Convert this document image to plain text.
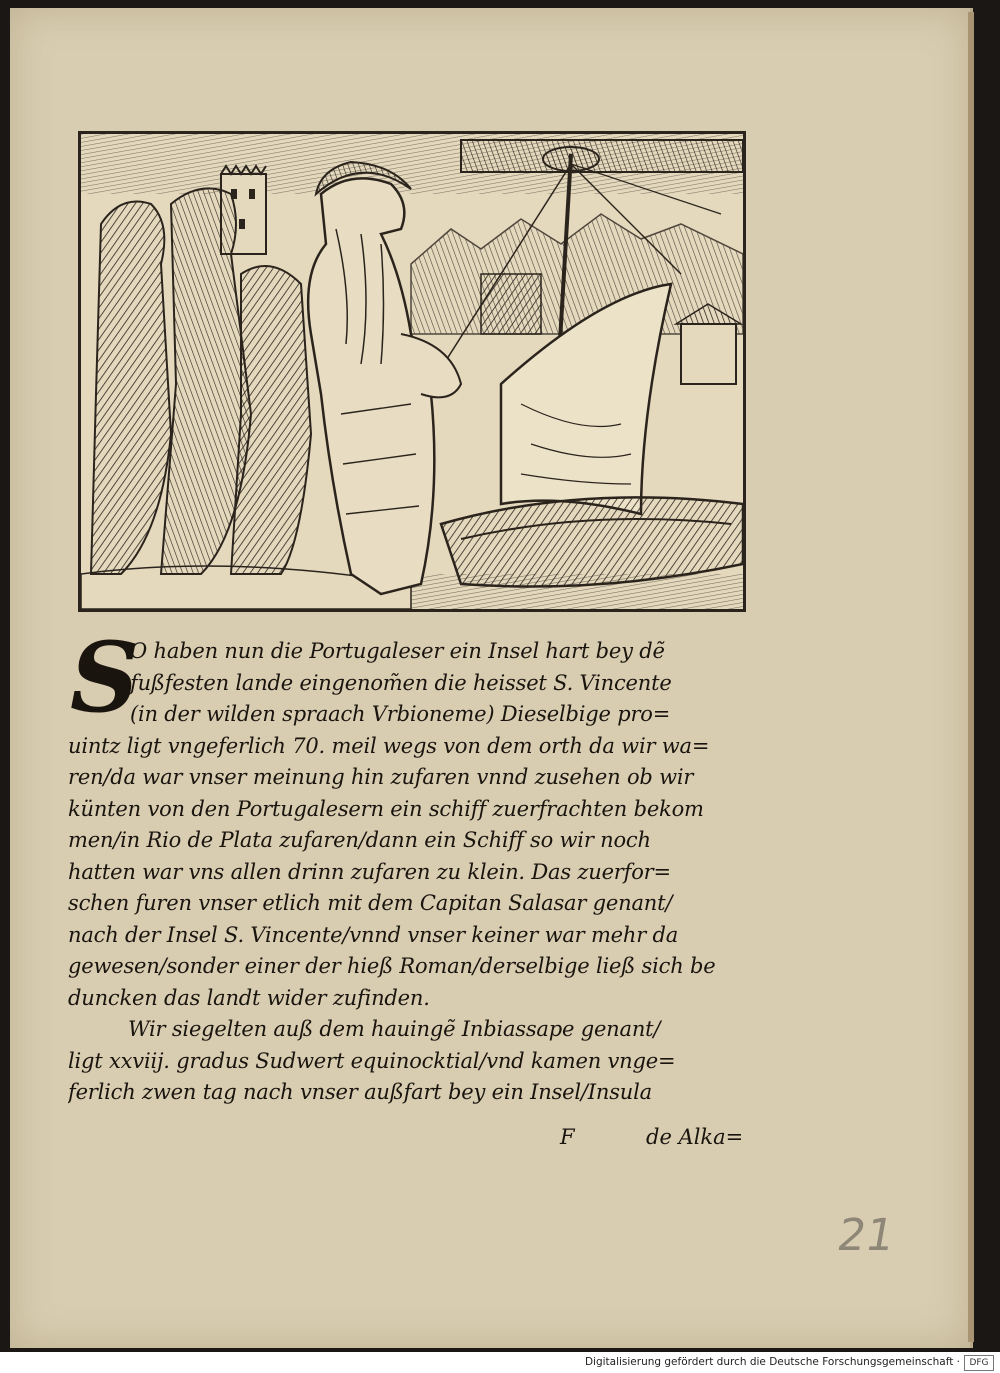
S
O haben nun die Portugaleser ein Insel hart bey dẽ
fußfesten lande eingenom̃en die heisset S. Vincente
(in der wilden spraach Vrbioneme) Dieselbige pro=
uintz ligt vngeferlich 70. meil wegs von dem orth da wir wa=
ren/da war vnser meinung hin zufaren vnnd zusehen ob wir
künten von den Portugalesern ein schiff zuerfrachten bekom
men/in Rio de Plata zufaren/dann ein Schiff so wir noch
hatten war vns allen drinn zufaren zu klein. Das zuerfor=
schen furen vnser etlich mit dem Capitan Salasar genant/
nach der Insel S. Vincente/vnnd vnser keiner war mehr da
gewesen/sonder einer der hieß Roman/derselbige ließ sich be
duncken das landt wider zufinden.
Wir siegelten auß dem hauingẽ Inbiassape genant/
ligt xxviij. gradus Sudwert equinocktial/vnd kamen vnge=
ferlich zwen tag nach vnser außfart bey ein Insel/Insula
F	de Alka=
21
Digitalisierung gefördert durch die Deutsche Forschungsgemeinschaft ·	DFG
